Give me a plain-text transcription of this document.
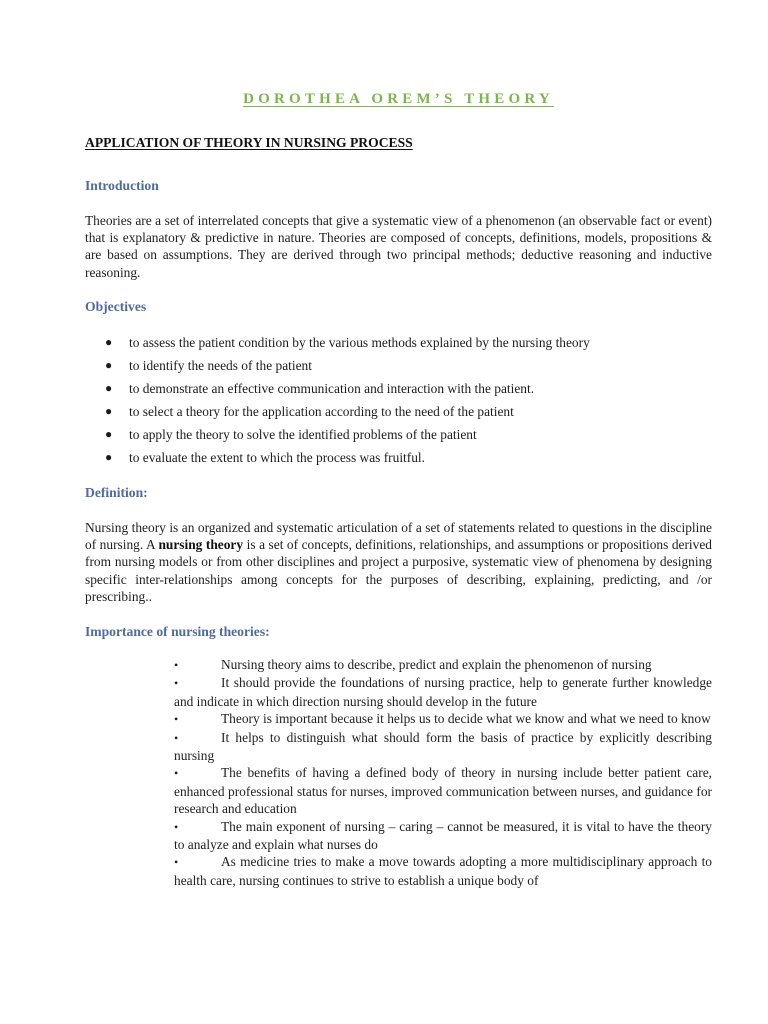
DOROTHEA OREM’S THEORY
APPLICATION OF THEORY IN NURSING PROCESS
Introduction
Theories are a set of interrelated concepts that give a systematic view of a phenomenon (an observable fact or event) that is explanatory & predictive in nature. Theories are composed of concepts, definitions, models, propositions & are based on assumptions. They are derived through two principal methods; deductive reasoning and inductive reasoning.
Objectives
● to assess the patient condition by the various methods explained by the nursing theory
● to identify the needs of the patient
● to demonstrate an effective communication and interaction with the patient.
● to select a theory for the application according to the need of the patient
● to apply the theory to solve the identified problems of the patient
● to evaluate the extent to which the process was fruitful.
Definition:
Nursing theory is an organized and systematic articulation of a set of statements related to questions in the discipline of nursing. A nursing theory is a set of concepts, definitions, relationships, and assumptions or propositions derived from nursing models or from other disciplines and project a purposive, systematic view of phenomena by designing specific inter-relationships among concepts for the purposes of describing, explaining, predicting, and /or prescribing..
Importance of nursing theories:
•	Nursing theory aims to describe, predict and explain the phenomenon of nursing
•	It should provide the foundations of nursing practice, help to generate further knowledge and indicate in which direction nursing should develop in the future
•	Theory is important because it helps us to decide what we know and what we need to know
•	It helps to distinguish what should form the basis of practice by explicitly describing nursing
•	The benefits of having a defined body of theory in nursing include better patient care, enhanced professional status for nurses, improved communication between nurses, and guidance for research and education
•	The main exponent of nursing – caring – cannot be measured, it is vital to have the theory to analyze and explain what nurses do
•	As medicine tries to make a move towards adopting a more multidisciplinary approach to health care, nursing continues to strive to establish a unique body of
